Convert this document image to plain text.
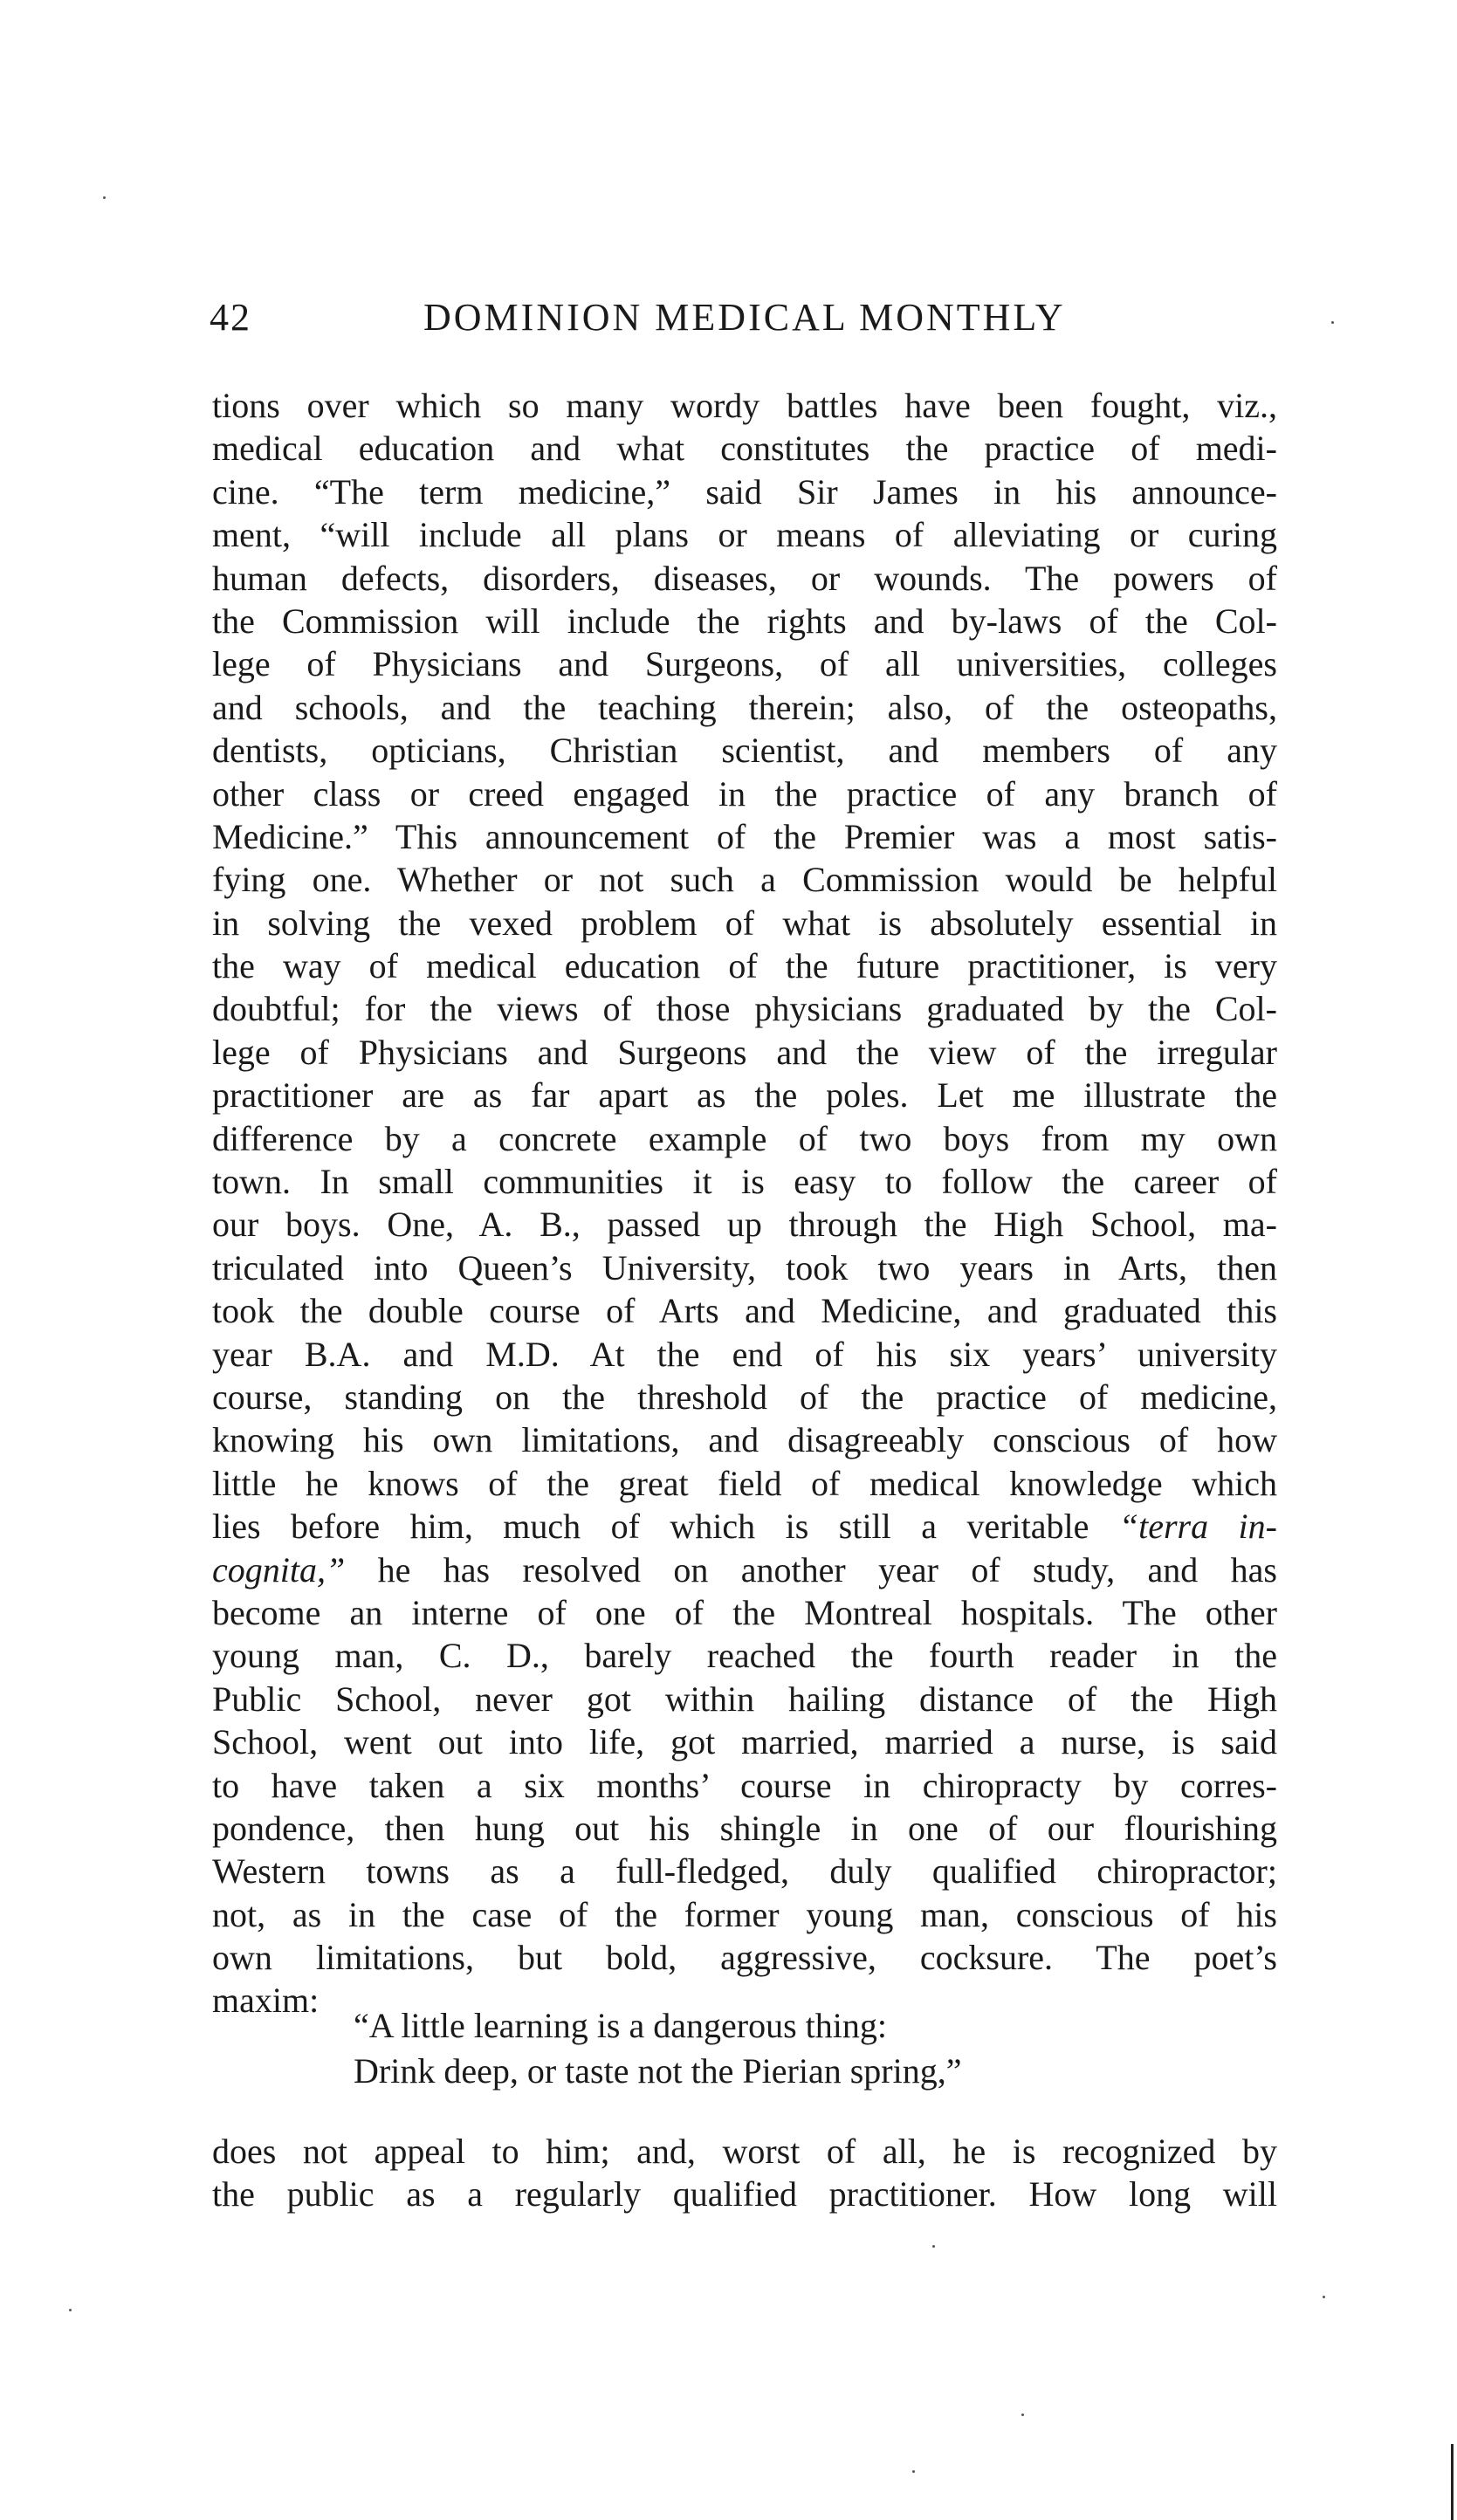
42	DOMINION MEDICAL MONTHLY
tions over which so many wordy battles have been fought, viz.,
medical education and what constitutes the practice of medi-
cine. “The term medicine,” said Sir James in his announce-
ment, “will include all plans or means of alleviating or curing
human defects, disorders, diseases, or wounds. The powers of
the Commission will include the rights and by-laws of the Col-
lege of Physicians and Surgeons, of all universities, colleges
and schools, and the teaching therein; also, of the osteopaths,
dentists, opticians, Christian scientist, and members of any
other class or creed engaged in the practice of any branch of
Medicine.” This announcement of the Premier was a most satis-
fying one. Whether or not such a Commission would be helpful
in solving the vexed problem of what is absolutely essential in
the way of medical education of the future practitioner, is very
doubtful; for the views of those physicians graduated by the Col-
lege of Physicians and Surgeons and the view of the irregular
practitioner are as far apart as the poles. Let me illustrate the
difference by a concrete example of two boys from my own
town. In small communities it is easy to follow the career of
our boys. One, A. B., passed up through the High School, ma-
triculated into Queen’s University, took two years in Arts, then
took the double course of Arts and Medicine, and graduated this
year B.A. and M.D. At the end of his six years’ university
course, standing on the threshold of the practice of medicine,
knowing his own limitations, and disagreeably conscious of how
little he knows of the great field of medical knowledge which
lies before him, much of which is still a veritable “terra in-
cognita,” he has resolved on another year of study, and has
become an interne of one of the Montreal hospitals. The other
young man, C. D., barely reached the fourth reader in the
Public School, never got within hailing distance of the High
School, went out into life, got married, married a nurse, is said
to have taken a six months’ course in chiropracty by corres-
pondence, then hung out his shingle in one of our flourishing
Western towns as a full-fledged, duly qualified chiropractor;
not, as in the case of the former young man, conscious of his
own limitations, but bold, aggressive, cocksure. The poet’s
maxim:
“A little learning is a dangerous thing:
Drink deep, or taste not the Pierian spring,”
does not appeal to him; and, worst of all, he is recognized by
the public as a regularly qualified practitioner. How long will
